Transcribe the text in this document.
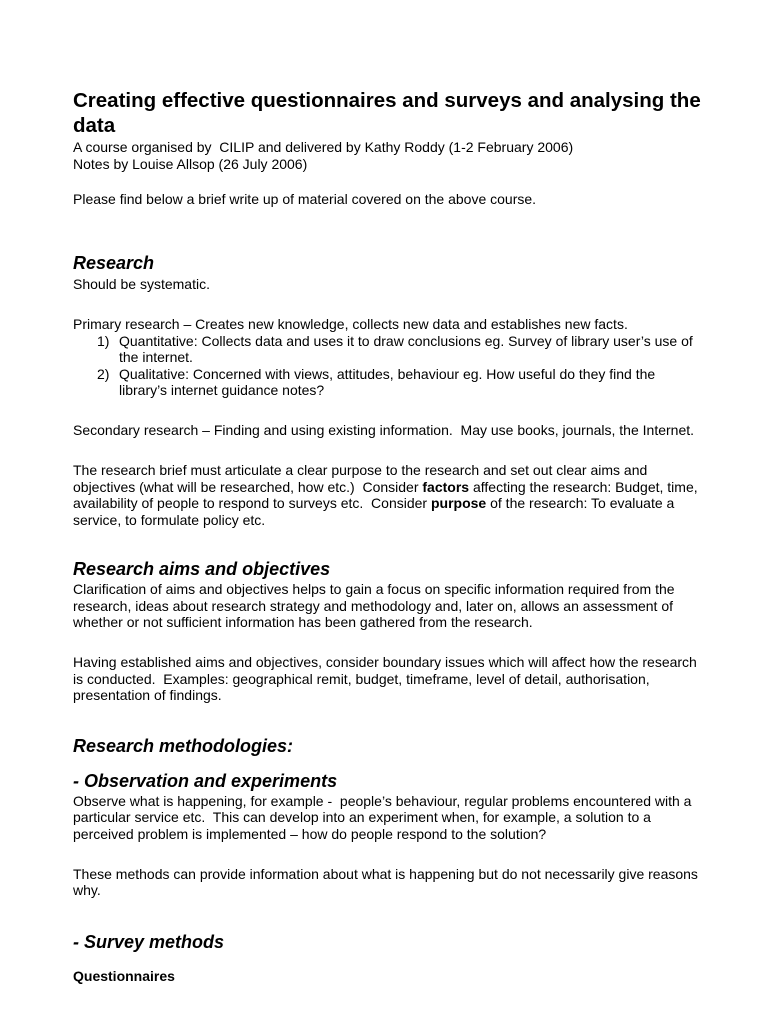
Creating effective questionnaires and surveys and analysing the data

A course organised by  CILIP and delivered by Kathy Roddy (1-2 February 2006)

Notes by Louise Allsop (26 July 2006)

Please find below a brief write up of material covered on the above course.

Research

Should be systematic.

Primary research – Creates new knowledge, collects new data and establishes new facts.

1) Quantitative: Collects data and uses it to draw conclusions eg. Survey of library user’s use of the internet.
2) Qualitative: Concerned with views, attitudes, behaviour eg. How useful do they find the library’s internet guidance notes?

Secondary research – Finding and using existing information.  May use books, journals, the Internet.

The research brief must articulate a clear purpose to the research and set out clear aims and objectives (what will be researched, how etc.)  Consider factors affecting the research: Budget, time, availability of people to respond to surveys etc.  Consider purpose of the research: To evaluate a service, to formulate policy etc.

Research aims and objectives

Clarification of aims and objectives helps to gain a focus on specific information required from the research, ideas about research strategy and methodology and, later on, allows an assessment of whether or not sufficient information has been gathered from the research.

Having established aims and objectives, consider boundary issues which will affect how the research is conducted.  Examples: geographical remit, budget, timeframe, level of detail, authorisation, presentation of findings.

Research methodologies:
- Observation and experiments

Observe what is happening, for example -  people’s behaviour, regular problems encountered with a particular service etc.  This can develop into an experiment when, for example, a solution to a perceived problem is implemented – how do people respond to the solution?

These methods can provide information about what is happening but do not necessarily give reasons why.

- Survey methods
Questionnaires
